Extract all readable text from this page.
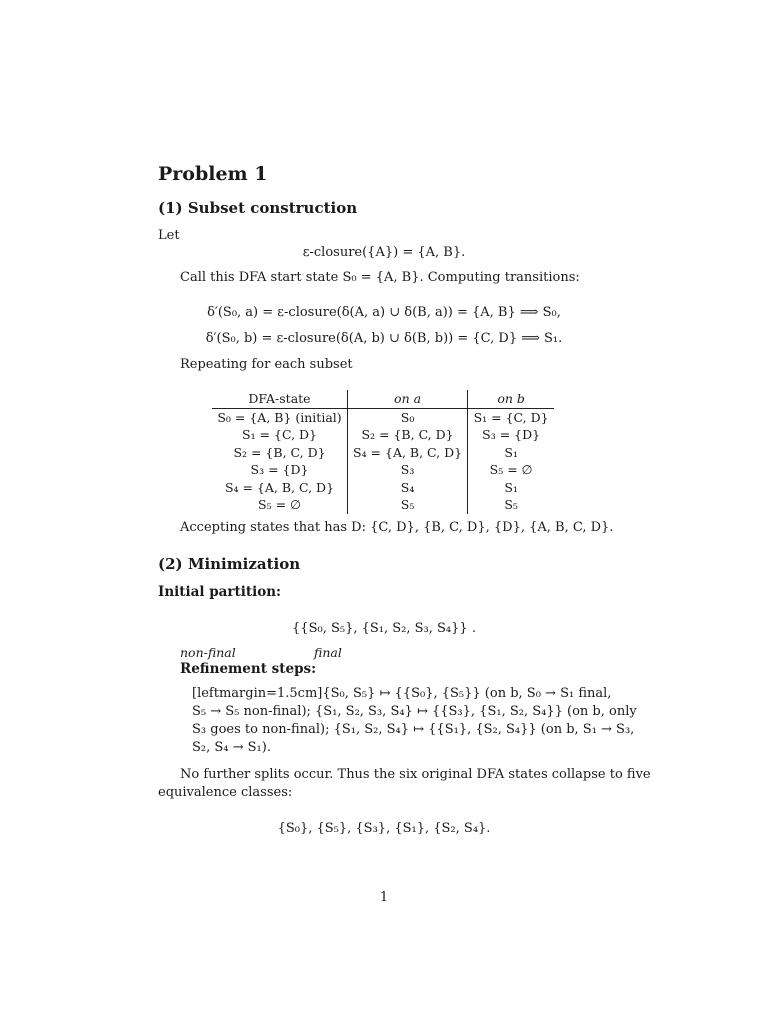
Problem 1
(1) Subset construction
Let
ε-closure({A}) = {A, B}.
Call this DFA start state S₀ = {A, B}. Computing transitions:
δ′(S₀, a) = ε-closure(δ(A, a) ∪ δ(B, a)) = {A, B} ⟹ S₀,
δ′(S₀, b) = ε-closure(δ(A, b) ∪ δ(B, b)) = {C, D} ⟹ S₁.
Repeating for each subset
DFA-state	on a	on b
S₀ = {A, B} (initial)	S₀	S₁ = {C, D}
S₁ = {C, D}	S₂ = {B, C, D}	S₃ = {D}
S₂ = {B, C, D}	S₄ = {A, B, C, D}	S₁
S₃ = {D}	S₃	S₅ = ∅
S₄ = {A, B, C, D}	S₄	S₁
S₅ = ∅	S₅	S₅
Accepting states that has D: {C, D}, {B, C, D}, {D}, {A, B, C, D}.
(2) Minimization
Initial partition:
{{S₀, S₅}, {S₁, S₂, S₃, S₄}} .
non-final	final
Refinement steps:
[leftmargin=1.5cm]{S₀, S₅} ↦ {{S₀}, {S₅}} (on b, S₀ → S₁ final,
S₅ → S₅ non-final); {S₁, S₂, S₃, S₄} ↦ {{S₃}, {S₁, S₂, S₄}} (on b, only
S₃ goes to non-final); {S₁, S₂, S₄} ↦ {{S₁}, {S₂, S₄}} (on b, S₁ → S₃,
S₂, S₄ → S₁).
No further splits occur. Thus the six original DFA states collapse to five
equivalence classes:
{S₀}, {S₅}, {S₃}, {S₁}, {S₂, S₄}.
1
